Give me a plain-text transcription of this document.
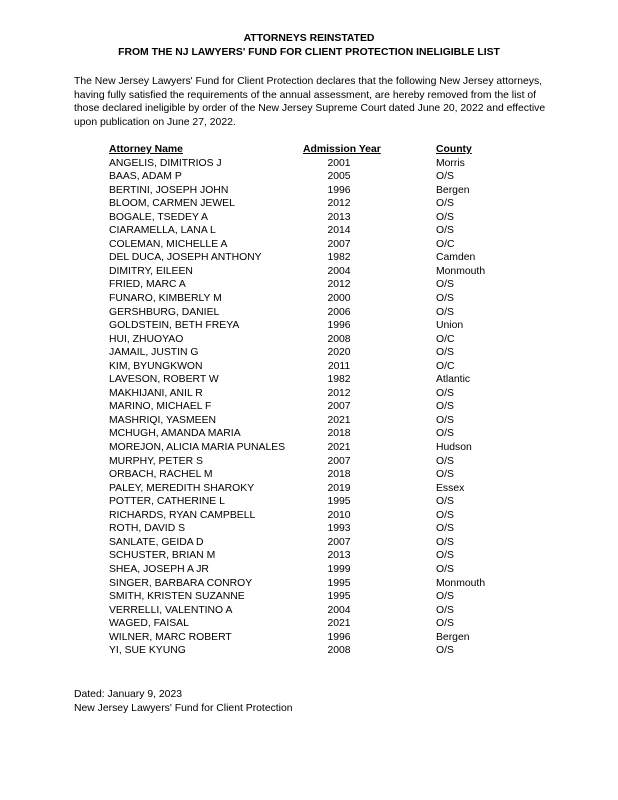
ATTORNEYS REINSTATED
FROM THE NJ LAWYERS' FUND FOR CLIENT PROTECTION INELIGIBLE LIST
The New Jersey Lawyers' Fund for Client Protection declares that the following New Jersey attorneys, having fully satisfied the requirements of the annual assessment, are hereby removed from the list of those declared ineligible by order of the New Jersey Supreme Court dated June 20, 2022 and effective upon publication on June 27, 2022.
Attorney Name	Admission Year	County
ANGELIS, DIMITRIOS J	2001	Morris
BAAS, ADAM P	2005	O/S
BERTINI, JOSEPH JOHN	1996	Bergen
BLOOM, CARMEN JEWEL	2012	O/S
BOGALE, TSEDEY A	2013	O/S
CIARAMELLA, LANA L	2014	O/S
COLEMAN, MICHELLE A	2007	O/C
DEL DUCA, JOSEPH ANTHONY	1982	Camden
DIMITRY, EILEEN	2004	Monmouth
FRIED, MARC A	2012	O/S
FUNARO, KIMBERLY M	2000	O/S
GERSHBURG, DANIEL	2006	O/S
GOLDSTEIN, BETH FREYA	1996	Union
HUI, ZHUOYAO	2008	O/C
JAMAIL, JUSTIN G	2020	O/S
KIM, BYUNGKWON	2011	O/C
LAVESON, ROBERT W	1982	Atlantic
MAKHIJANI, ANIL R	2012	O/S
MARINO, MICHAEL F	2007	O/S
MASHRIQI, YASMEEN	2021	O/S
MCHUGH, AMANDA MARIA	2018	O/S
MOREJON, ALICIA MARIA PUNALES	2021	Hudson
MURPHY, PETER S	2007	O/S
ORBACH, RACHEL M	2018	O/S
PALEY, MEREDITH SHAROKY	2019	Essex
POTTER, CATHERINE L	1995	O/S
RICHARDS, RYAN CAMPBELL	2010	O/S
ROTH, DAVID S	1993	O/S
SANLATE, GEIDA D	2007	O/S
SCHUSTER, BRIAN M	2013	O/S
SHEA, JOSEPH A JR	1999	O/S
SINGER, BARBARA CONROY	1995	Monmouth
SMITH, KRISTEN SUZANNE	1995	O/S
VERRELLI, VALENTINO A	2004	O/S
WAGED, FAISAL	2021	O/S
WILNER, MARC ROBERT	1996	Bergen
YI, SUE KYUNG	2008	O/S
Dated: January 9, 2023
New Jersey Lawyers' Fund for Client Protection
